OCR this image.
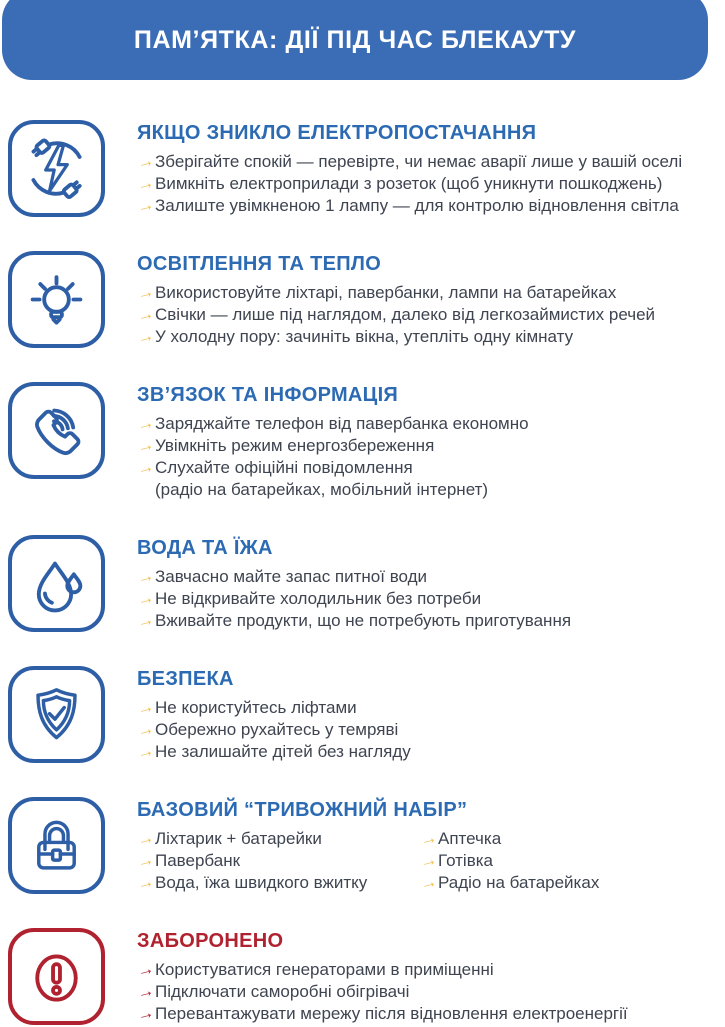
ПАМ’ЯТКА: ДІЇ ПІД ЧАС БЛЕКАУТУ
ЯКЩО ЗНИКЛО ЕЛЕКТРОПОСТАЧАННЯ
→ Зберігайте спокій — перевірте, чи немає аварії лише у вашій оселі
→ Вимкніть електроприлади з розеток (щоб уникнути пошкоджень)
→ Залиште увімкненою 1 лампу — для контролю відновлення світла
ОСВІТЛЕННЯ ТА ТЕПЛО
→ Використовуйте ліхтарі, павербанки, лампи на батарейках
→ Свічки — лише під наглядом, далеко від легкозаймистих речей
→ У холодну пору: зачиніть вікна, утепліть одну кімнату
ЗВ’ЯЗОК ТА ІНФОРМАЦІЯ
→ Заряджайте телефон від павербанка економно
→ Увімкніть режим енергозбереження
→ Слухайте офіційні повідомлення
(радіо на батарейках, мобільний інтернет)
ВОДА ТА ЇЖА
→ Завчасно майте запас питної води
→ Не відкривайте холодильник без потреби
→ Вживайте продукти, що не потребують приготування
БЕЗПЕКА
→ Не користуйтесь ліфтами
→ Обережно рухайтесь у темряві
→ Не залишайте дітей без нагляду
БАЗОВИЙ “ТРИВОЖНИЙ НАБІР”
→ Ліхтарик + батарейки
→ Павербанк
→ Вода, їжа швидкого вжитку
→ Аптечка
→ Готівка
→ Радіо на батарейках
ЗАБОРОНЕНО
→ Користуватися генераторами в приміщенні
→ Підключати саморобні обігрівачі
→ Перевантажувати мережу після відновлення електроенергії
